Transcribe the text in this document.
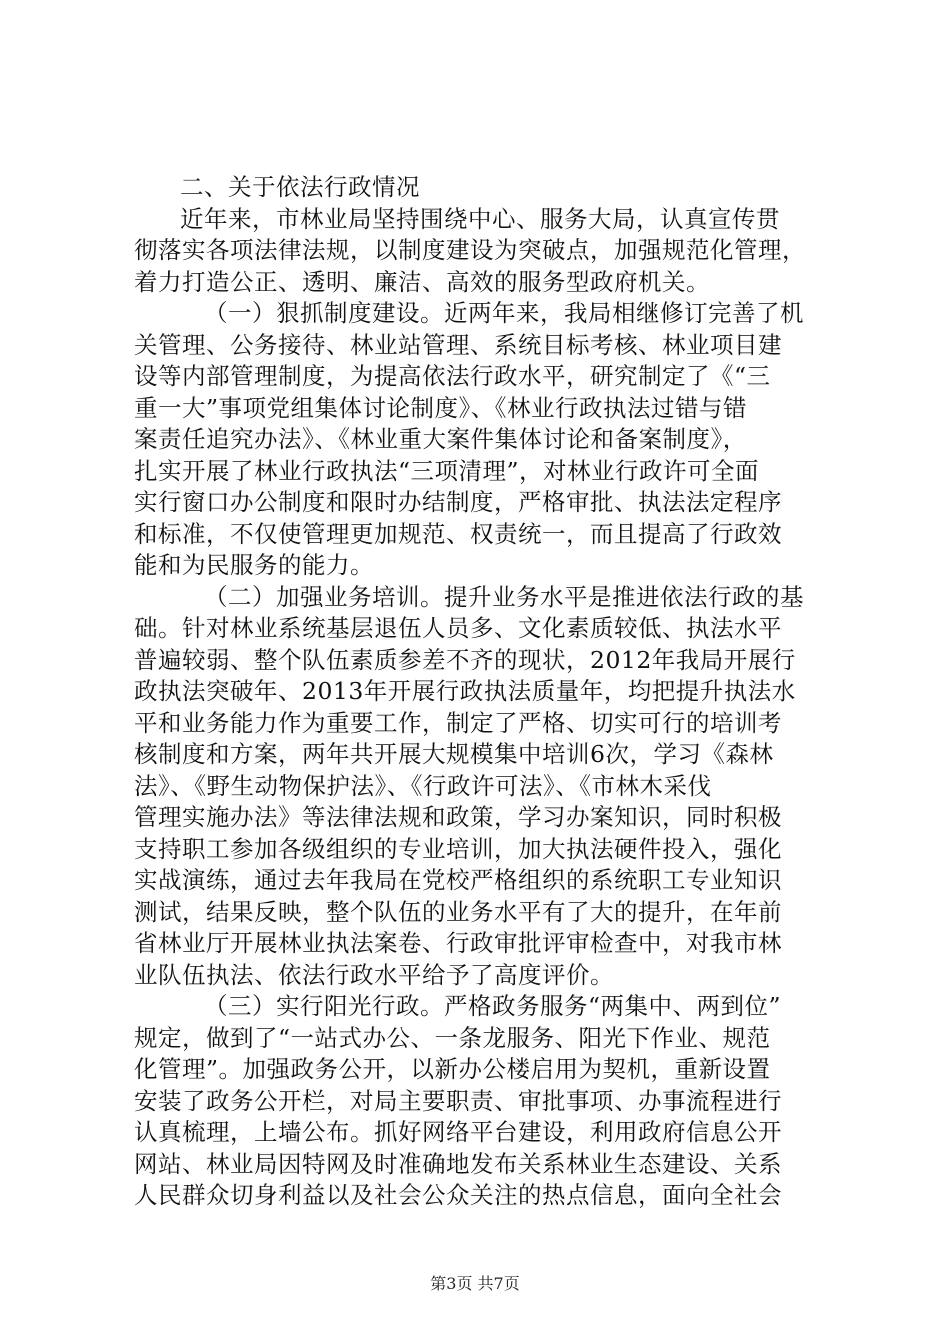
二、关于依法行政情况
近年来，市林业局坚持围绕中心、服务大局，认真宣传贯
彻落实各项法律法规，以制度建设为突破点，加强规范化管理，
着力打造公正、透明、廉洁、高效的服务型政府机关。
（一）狠抓制度建设。近两年来，我局相继修订完善了机
关管理、公务接待、林业站管理、系统目标考核、林业项目建
设等内部管理制度，为提高依法行政水平，研究制定了《“三
重一大”事项党组集体讨论制度》、《林业行政执法过错与错
案责任追究办法》、《林业重大案件集体讨论和备案制度》，
扎实开展了林业行政执法“三项清理”，对林业行政许可全面
实行窗口办公制度和限时办结制度，严格审批、执法法定程序
和标准，不仅使管理更加规范、权责统一，而且提高了行政效
能和为民服务的能力。
（二）加强业务培训。提升业务水平是推进依法行政的基
础。针对林业系统基层退伍人员多、文化素质较低、执法水平
普遍较弱、整个队伍素质参差不齐的现状，2012年我局开展行
政执法突破年、2013年开展行政执法质量年，均把提升执法水
平和业务能力作为重要工作，制定了严格、切实可行的培训考
核制度和方案，两年共开展大规模集中培训6次，学习《森林
法》、《野生动物保护法》、《行政许可法》、《市林木采伐
管理实施办法》等法律法规和政策，学习办案知识，同时积极
支持职工参加各级组织的专业培训，加大执法硬件投入，强化
实战演练，通过去年我局在党校严格组织的系统职工专业知识
测试，结果反映，整个队伍的业务水平有了大的提升，在年前
省林业厅开展林业执法案卷、行政审批评审检查中，对我市林
业队伍执法、依法行政水平给予了高度评价。
（三）实行阳光行政。严格政务服务“两集中、两到位”
规定，做到了“一站式办公、一条龙服务、阳光下作业、规范
化管理”。加强政务公开，以新办公楼启用为契机，重新设置
安装了政务公开栏，对局主要职责、审批事项、办事流程进行
认真梳理，上墙公布。抓好网络平台建设，利用政府信息公开
网站、林业局因特网及时准确地发布关系林业生态建设、关系
人民群众切身利益以及社会公众关注的热点信息，面向全社会
第3页 共7页
